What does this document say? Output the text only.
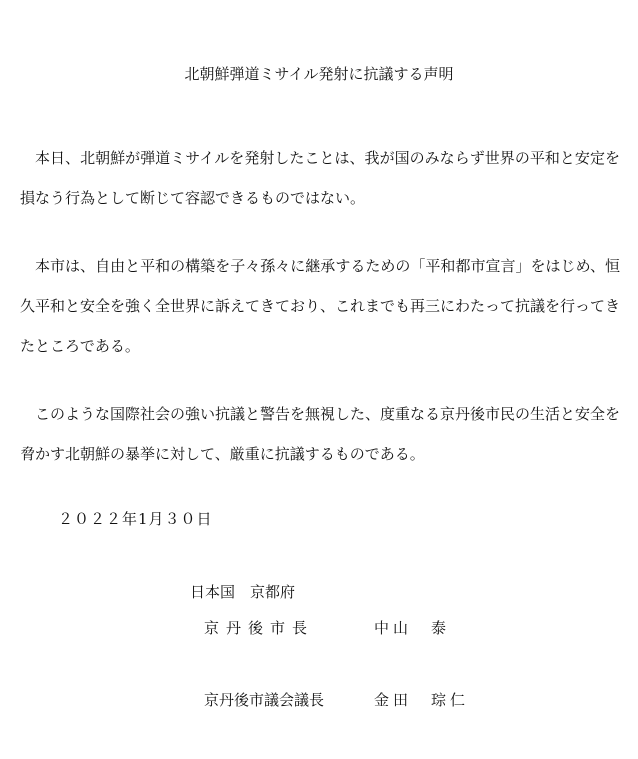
北朝鮮弾道ミサイル発射に抗議する声明

本日、北朝鮮が弾道ミサイルを発射したことは、我が国のみならず世界の平和と安定を損なう行為として断じて容認できるものではない。

本市は、自由と平和の構築を子々孫々に継承するための「平和都市宣言」をはじめ、恒久平和と安全を強く全世界に訴えてきており、これまでも再三にわたって抗議を行ってきたところである。

このような国際社会の強い抗議と警告を無視した、度重なる京丹後市民の生活と安全を脅かす北朝鮮の暴挙に対して、厳重に抗議するものである。

２０２２年1月３０日
日本国　京都府
京丹後市長	中山　泰
京丹後市議会議長	金田　琮仁
